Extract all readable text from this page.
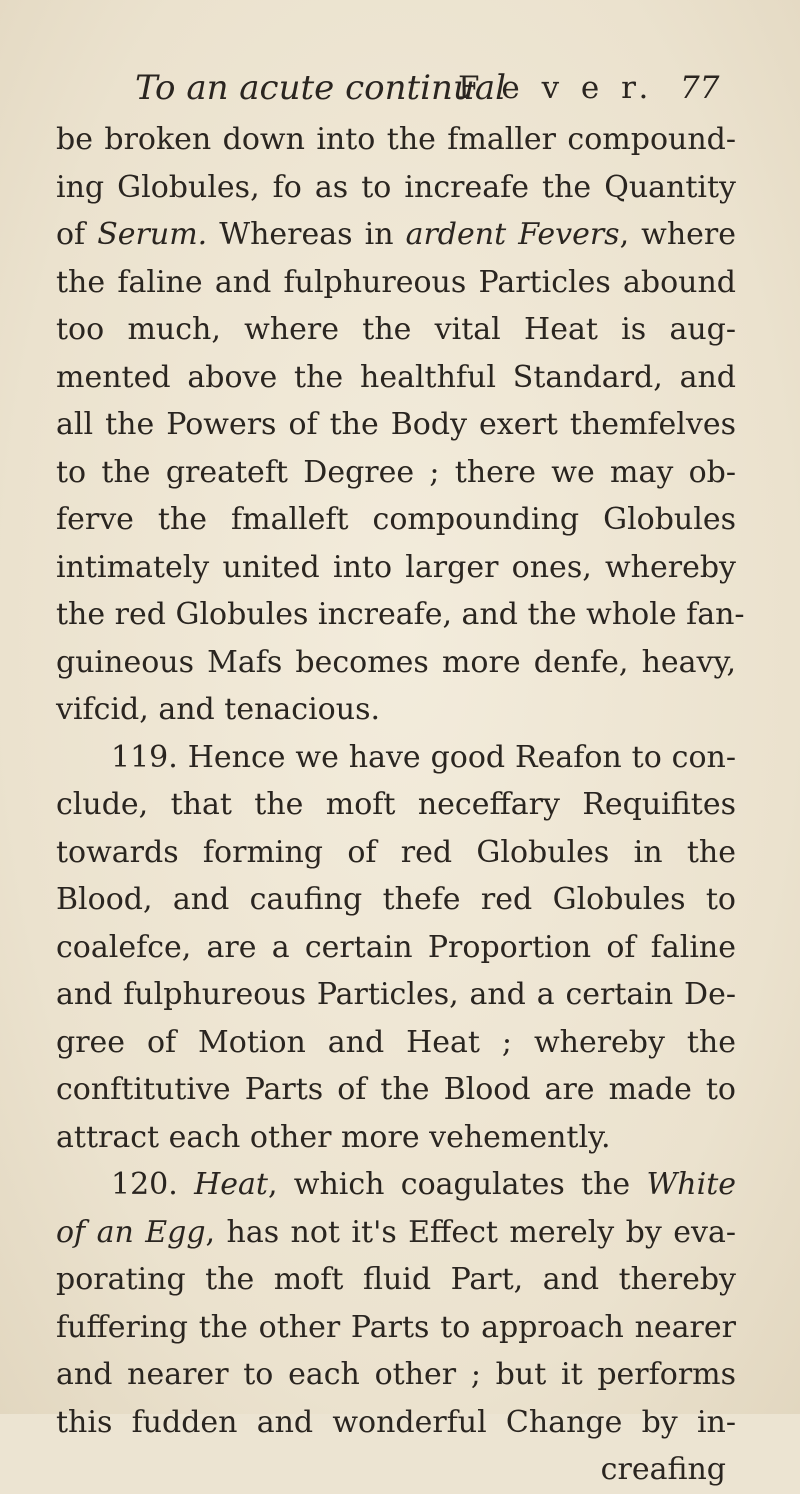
To an acute continual
F e v e r. 77
be broken down into the fmaller compound-
ing Globules, fo as to increafe the Quantity
of Serum. Whereas in ardent Fevers, where
the faline and fulphureous Particles abound
too much, where the vital Heat is aug-
mented above the healthful Standard, and
all the Powers of the Body exert themfelves
to the greateft Degree ; there we may ob-
ferve the fmalleft compounding Globules
intimately united into larger ones, whereby
the red Globules increafe, and the whole fan-
guineous Mafs becomes more denfe, heavy,
vifcid, and tenacious.
119. Hence we have good Reafon to con-
clude, that the moft neceffary Requifites
towards forming of red Globules in the
Blood, and caufing thefe red Globules to
coalefce, are a certain Proportion of faline
and fulphureous Particles, and a certain De-
gree of Motion and Heat ; whereby the
conftitutive Parts of the Blood are made to
attract each other more vehemently.
120. Heat, which coagulates the White
of an Egg, has not it's Effect merely by eva-
porating the moft fluid Part, and thereby
fuffering the other Parts to approach nearer
and nearer to each other ; but it performs
this fudden and wonderful Change by in-
creafing
